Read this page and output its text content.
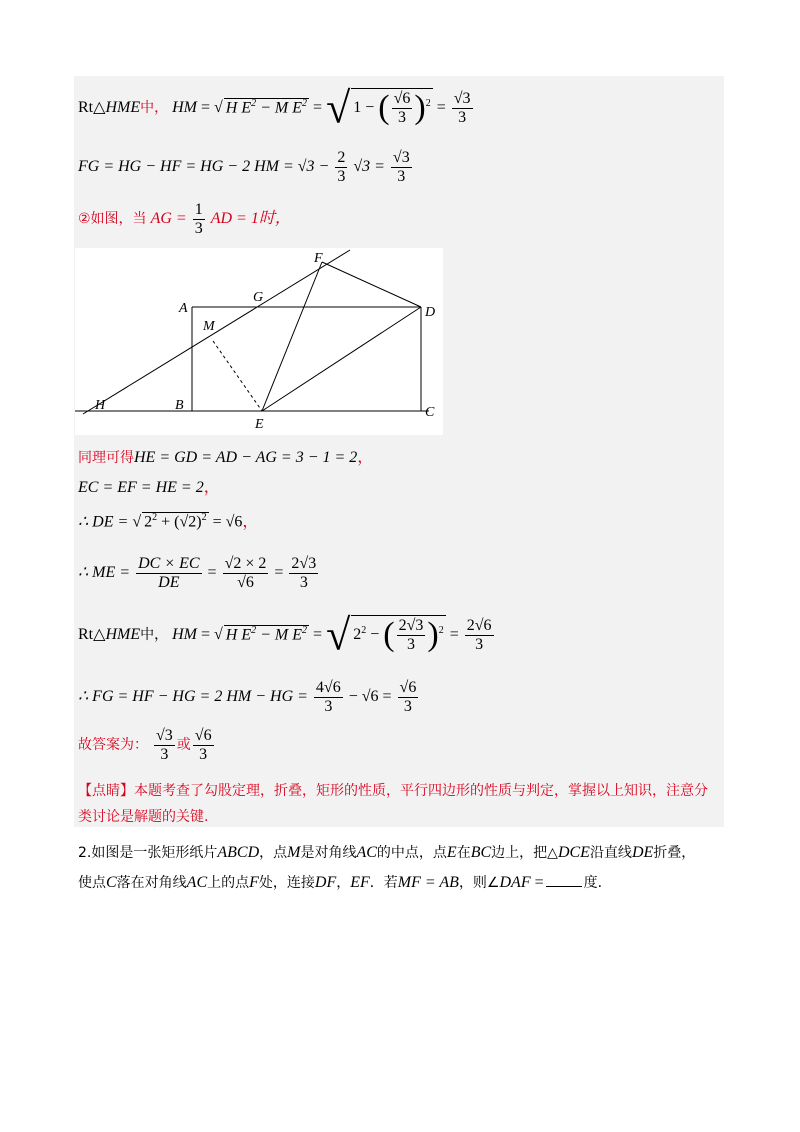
Rt△HME中， HM = √ H $E^2 - M$ $E^2$ = √ 1 − ( $\frac{√6}{3} )^2 = \frac{√3}{3}$
FG = HG − HF = HG − 2 HM = $√3 - \frac{2}{3} √3 = \frac{√3}{3}$
②如图，当 AG = $\frac{1}{3}$ AD = 1时，
F
G
A	D
M
H	B
E
C
同理可得HE = GD = AD − AG = 3 − 1 = 2，
EC = EF = HE = 2，
∴ DE = √ $2^2 + (√2)^2 = √6$，
∴ ME = $\frac{DC \times EC}{DE} = \frac{√2 \times 2}{√6} = \frac{2√3}{3}$
Rt△HME中， HM = √ H $E^2 - M$ $E^2$ = √ $2^2$ − ( $\frac{2√3}{3} )^2 = \frac{2√6}{3}$
∴ FG = HF − HG = 2 HM − HG = $\frac{4√6}{3} - √6 = \frac{√6}{3}$
故答案为： $\frac{√3}{3}$ 或 $\frac{√6}{3}$
【点睛】本题考查了勾股定理，折叠，矩形的性质，平行四边形的性质与判定，掌握以上知识，注意分类讨论是解题的关键.
2.如图是一张矩形纸片ABCD，点M是对角线AC的中点，点E在BC边上，把△DCE沿直线DE折叠，
使点C落在对角线AC上的点F处，连接DF，EF．若MF = AB，则∠DAF =	度.
